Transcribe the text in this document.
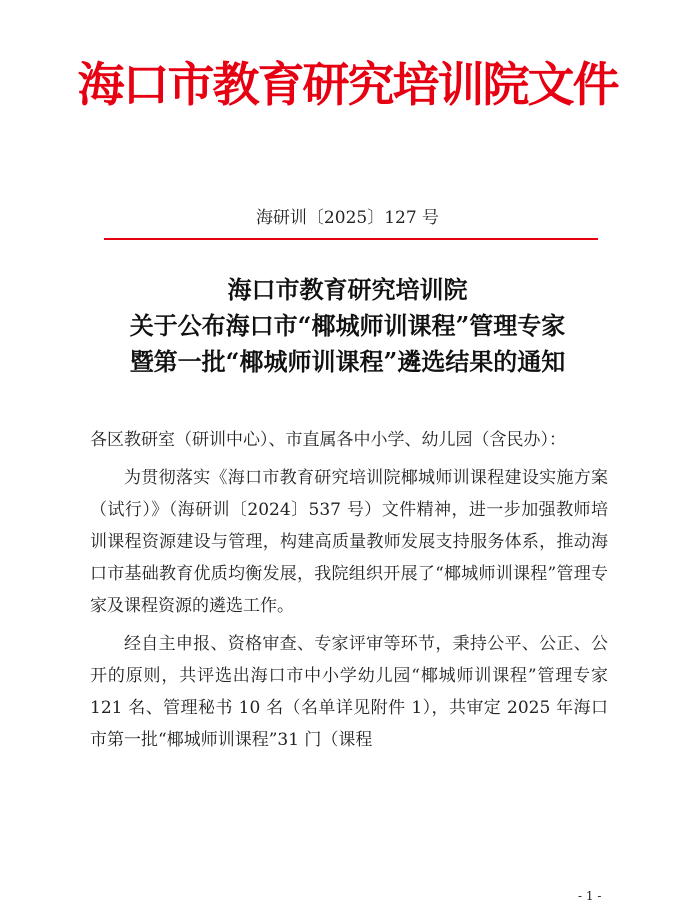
海口市教育研究培训院文件
海研训〔2025〕127 号
海口市教育研究培训院
关于公布海口市“椰城师训课程”管理专家
暨第一批“椰城师训课程”遴选结果的通知

各区教研室（研训中心）、市直属各中小学、幼儿园（含民办）：

为贯彻落实《海口市教育研究培训院椰城师训课程建设实施方案（试行）》（海研训〔2024〕537 号）文件精神，进一步加强教师培训课程资源建设与管理，构建高质量教师发展支持服务体系，推动海口市基础教育优质均衡发展，我院组织开展了“椰城师训课程”管理专家及课程资源的遴选工作。

经自主申报、资格审查、专家评审等环节，秉持公平、公正、公开的原则，共评选出海口市中小学幼儿园“椰城师训课程”管理专家 121 名、管理秘书 10 名（名单详见附件 1），共审定 2025 年海口市第一批“椰城师训课程”31 门（课程

- 1 -
